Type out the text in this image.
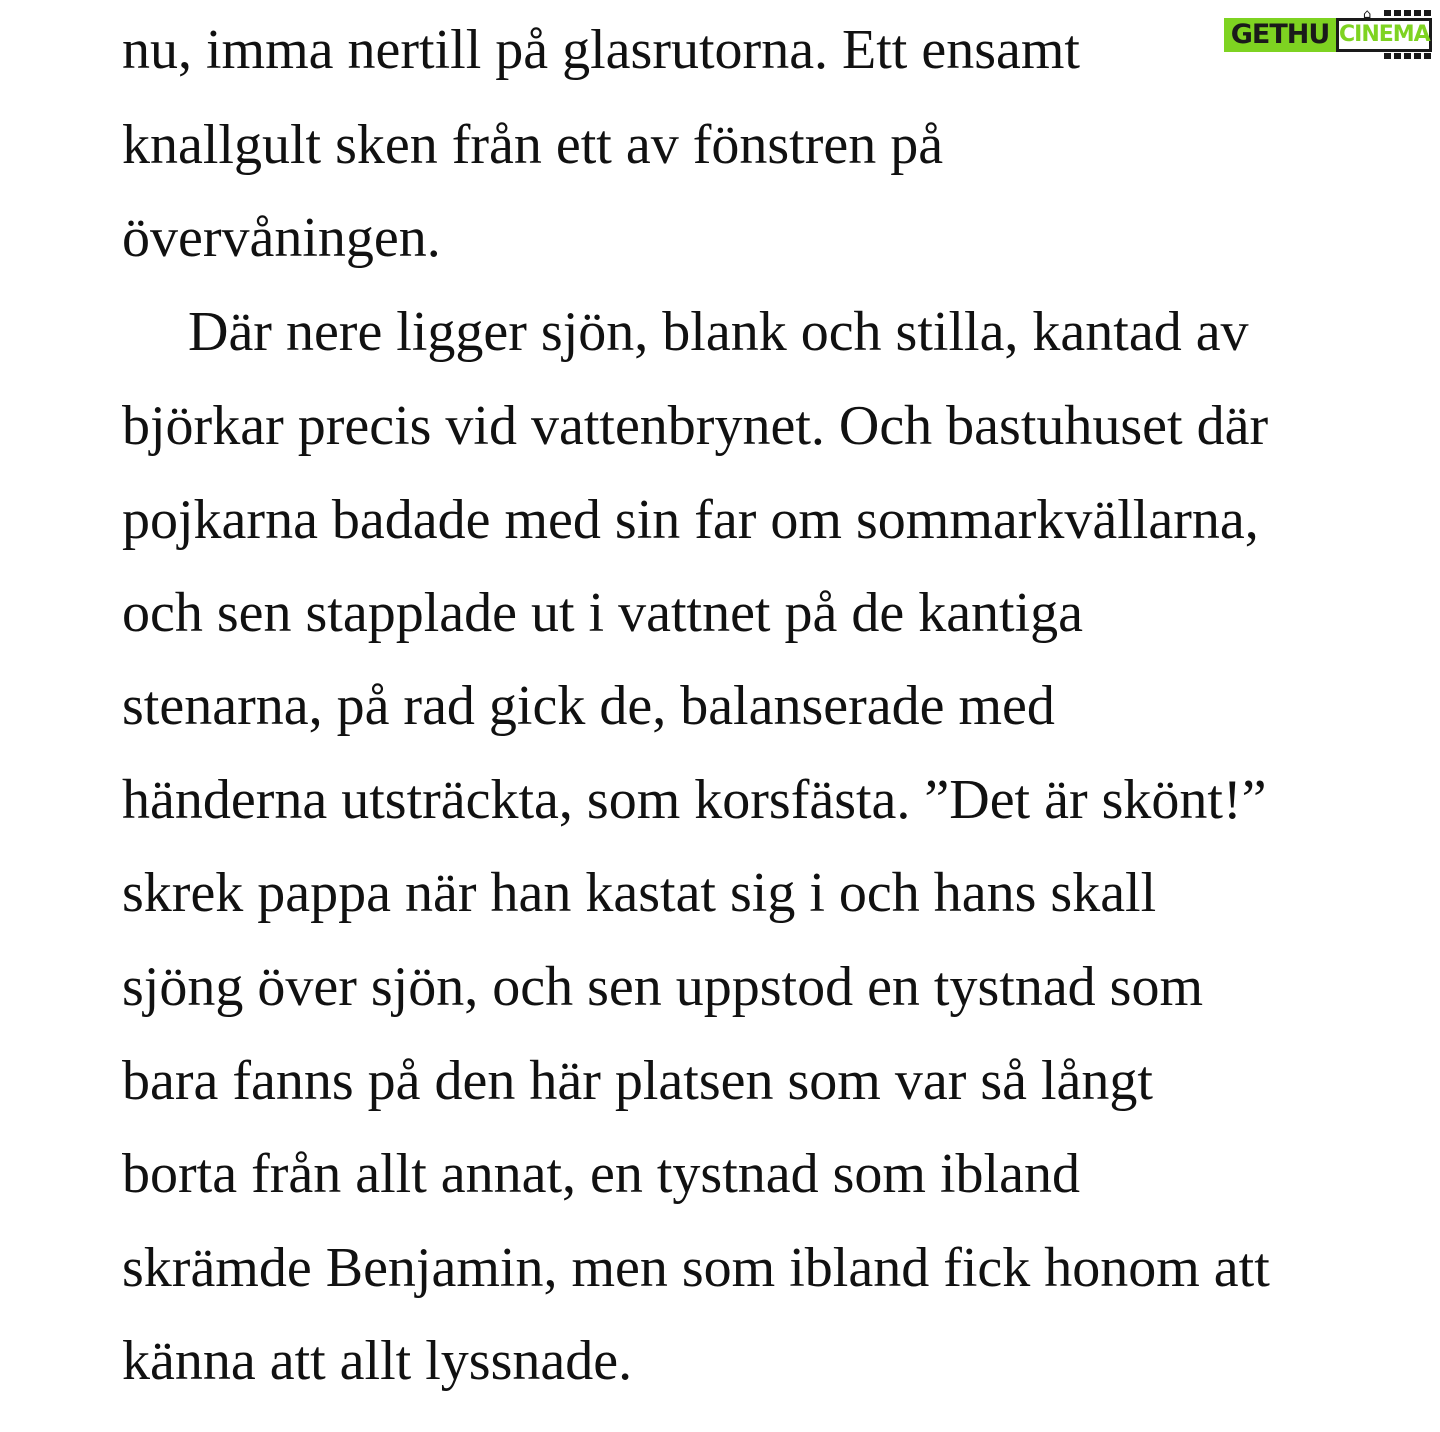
GETHU CINEMA
⌂
nu, imma nertill på glasrutorna. Ett ensamt
knallgult sken från ett av fönstren på
övervåningen.
Där nere ligger sjön, blank och stilla, kantad av
björkar precis vid vattenbrynet. Och bastuhuset där
pojkarna badade med sin far om sommarkvällarna,
och sen stapplade ut i vattnet på de kantiga
stenarna, på rad gick de, balanserade med
händerna utsträckta, som korsfästa. ”Det är skönt!”
skrek pappa när han kastat sig i och hans skall
sjöng över sjön, och sen uppstod en tystnad som
bara fanns på den här platsen som var så långt
borta från allt annat, en tystnad som ibland
skrämde Benjamin, men som ibland fick honom att
känna att allt lyssnade.
